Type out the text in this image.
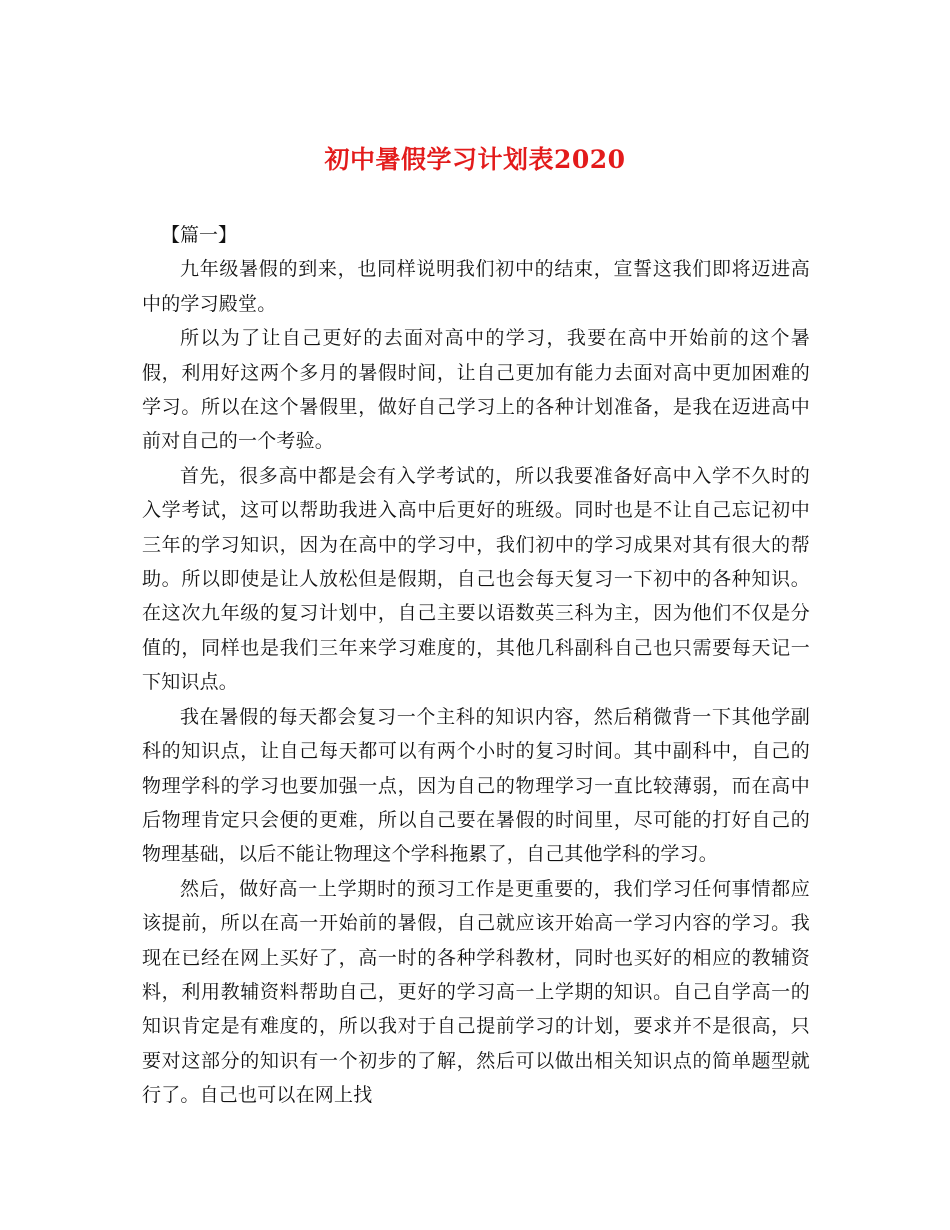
初中暑假学习计划表2020

【篇一】

九年级暑假的到来，也同样说明我们初中的结束，宣誓这我们即将迈进高中的学习殿堂。

所以为了让自己更好的去面对高中的学习，我要在高中开始前的这个暑假，利用好这两个多月的暑假时间，让自己更加有能力去面对高中更加困难的学习。所以在这个暑假里，做好自己学习上的各种计划准备，是我在迈进高中前对自己的一个考验。

首先，很多高中都是会有入学考试的，所以我要准备好高中入学不久时的入学考试，这可以帮助我进入高中后更好的班级。同时也是不让自己忘记初中三年的学习知识，因为在高中的学习中，我们初中的学习成果对其有很大的帮助。所以即使是让人放松但是假期，自己也会每天复习一下初中的各种知识。在这次九年级的复习计划中，自己主要以语数英三科为主，因为他们不仅是分值的，同样也是我们三年来学习难度的，其他几科副科自己也只需要每天记一下知识点。

我在暑假的每天都会复习一个主科的知识内容，然后稍微背一下其他学副科的知识点，让自己每天都可以有两个小时的复习时间。其中副科中，自己的物理学科的学习也要加强一点，因为自己的物理学习一直比较薄弱，而在高中后物理肯定只会便的更难，所以自己要在暑假的时间里，尽可能的打好自己的物理基础，以后不能让物理这个学科拖累了，自己其他学科的学习。

然后，做好高一上学期时的预习工作是更重要的，我们学习任何事情都应该提前，所以在高一开始前的暑假，自己就应该开始高一学习内容的学习。我现在已经在网上买好了，高一时的各种学科教材，同时也买好的相应的教辅资料，利用教辅资料帮助自己，更好的学习高一上学期的知识。自己自学高一的知识肯定是有难度的，所以我对于自己提前学习的计划，要求并不是很高，只要对这部分的知识有一个初步的了解，然后可以做出相关知识点的简单题型就行了。自己也可以在网上找
